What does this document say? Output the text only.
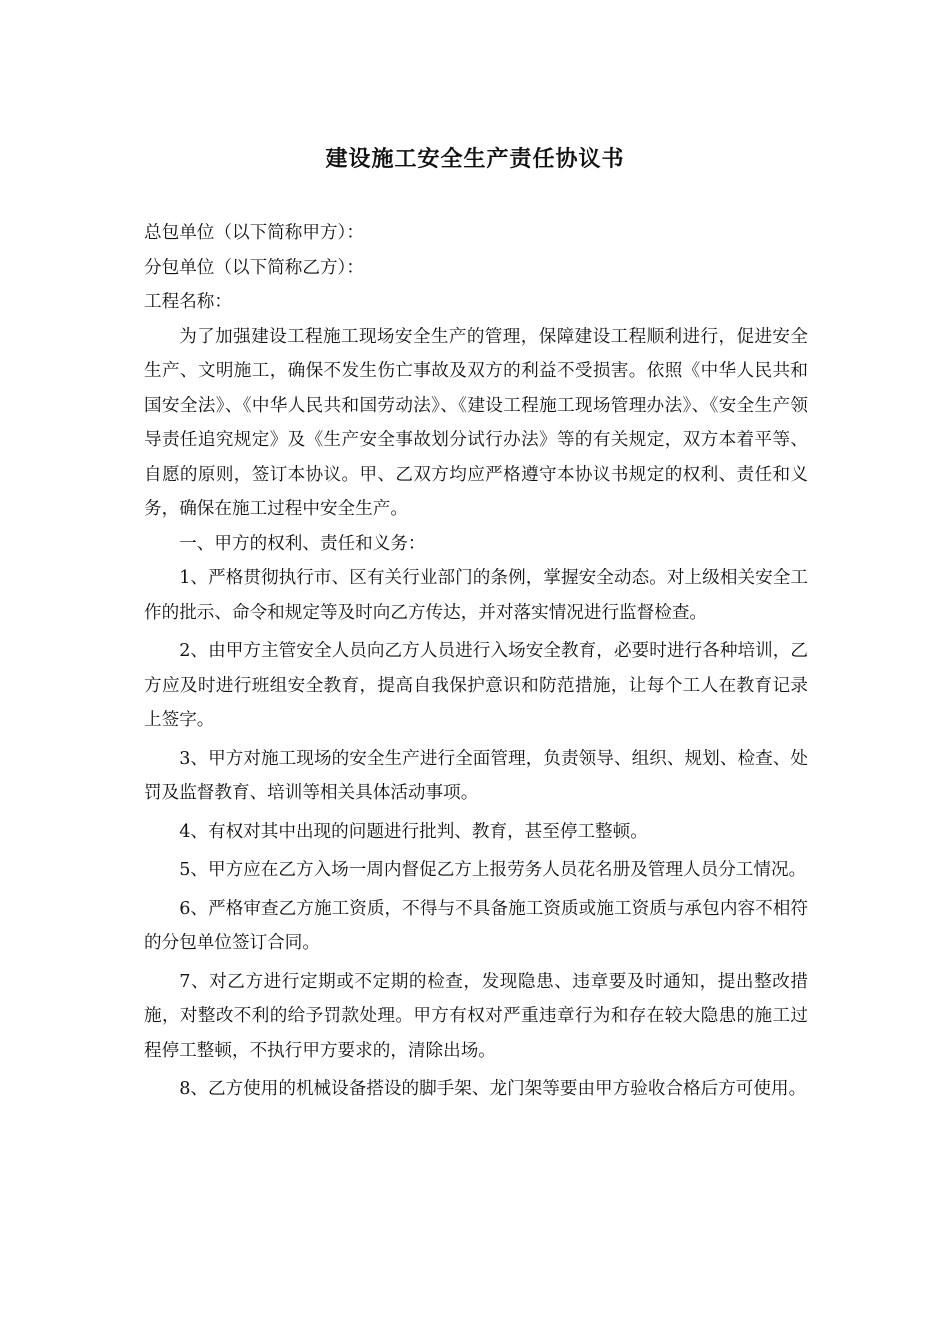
建设施工安全生产责任协议书

总包单位（以下简称甲方）：

分包单位（以下简称乙方）：

工程名称：

为了加强建设工程施工现场安全生产的管理，保障建设工程顺利进行，促进安全生产、文明施工，确保不发生伤亡事故及双方的利益不受损害。依照《中华人民共和国安全法》、《中华人民共和国劳动法》、《建设工程施工现场管理办法》、《安全生产领导责任追究规定》及《生产安全事故划分试行办法》等的有关规定，双方本着平等、自愿的原则，签订本协议。甲、乙双方均应严格遵守本协议书规定的权利、责任和义务，确保在施工过程中安全生产。

一、甲方的权利、责任和义务：

1、严格贯彻执行市、区有关行业部门的条例，掌握安全动态。对上级相关安全工作的批示、命令和规定等及时向乙方传达，并对落实情况进行监督检查。

2、由甲方主管安全人员向乙方人员进行入场安全教育，必要时进行各种培训，乙方应及时进行班组安全教育，提高自我保护意识和防范措施，让每个工人在教育记录上签字。

3、甲方对施工现场的安全生产进行全面管理，负责领导、组织、规划、检查、处罚及监督教育、培训等相关具体活动事项。

4、有权对其中出现的问题进行批判、教育，甚至停工整顿。

5、甲方应在乙方入场一周内督促乙方上报劳务人员花名册及管理人员分工情况。

6、严格审查乙方施工资质，不得与不具备施工资质或施工资质与承包内容不相符的分包单位签订合同。

7、对乙方进行定期或不定期的检查，发现隐患、违章要及时通知，提出整改措施，对整改不利的给予罚款处理。甲方有权对严重违章行为和存在较大隐患的施工过程停工整顿，不执行甲方要求的，清除出场。

8、乙方使用的机械设备搭设的脚手架、龙门架等要由甲方验收合格后方可使用。
